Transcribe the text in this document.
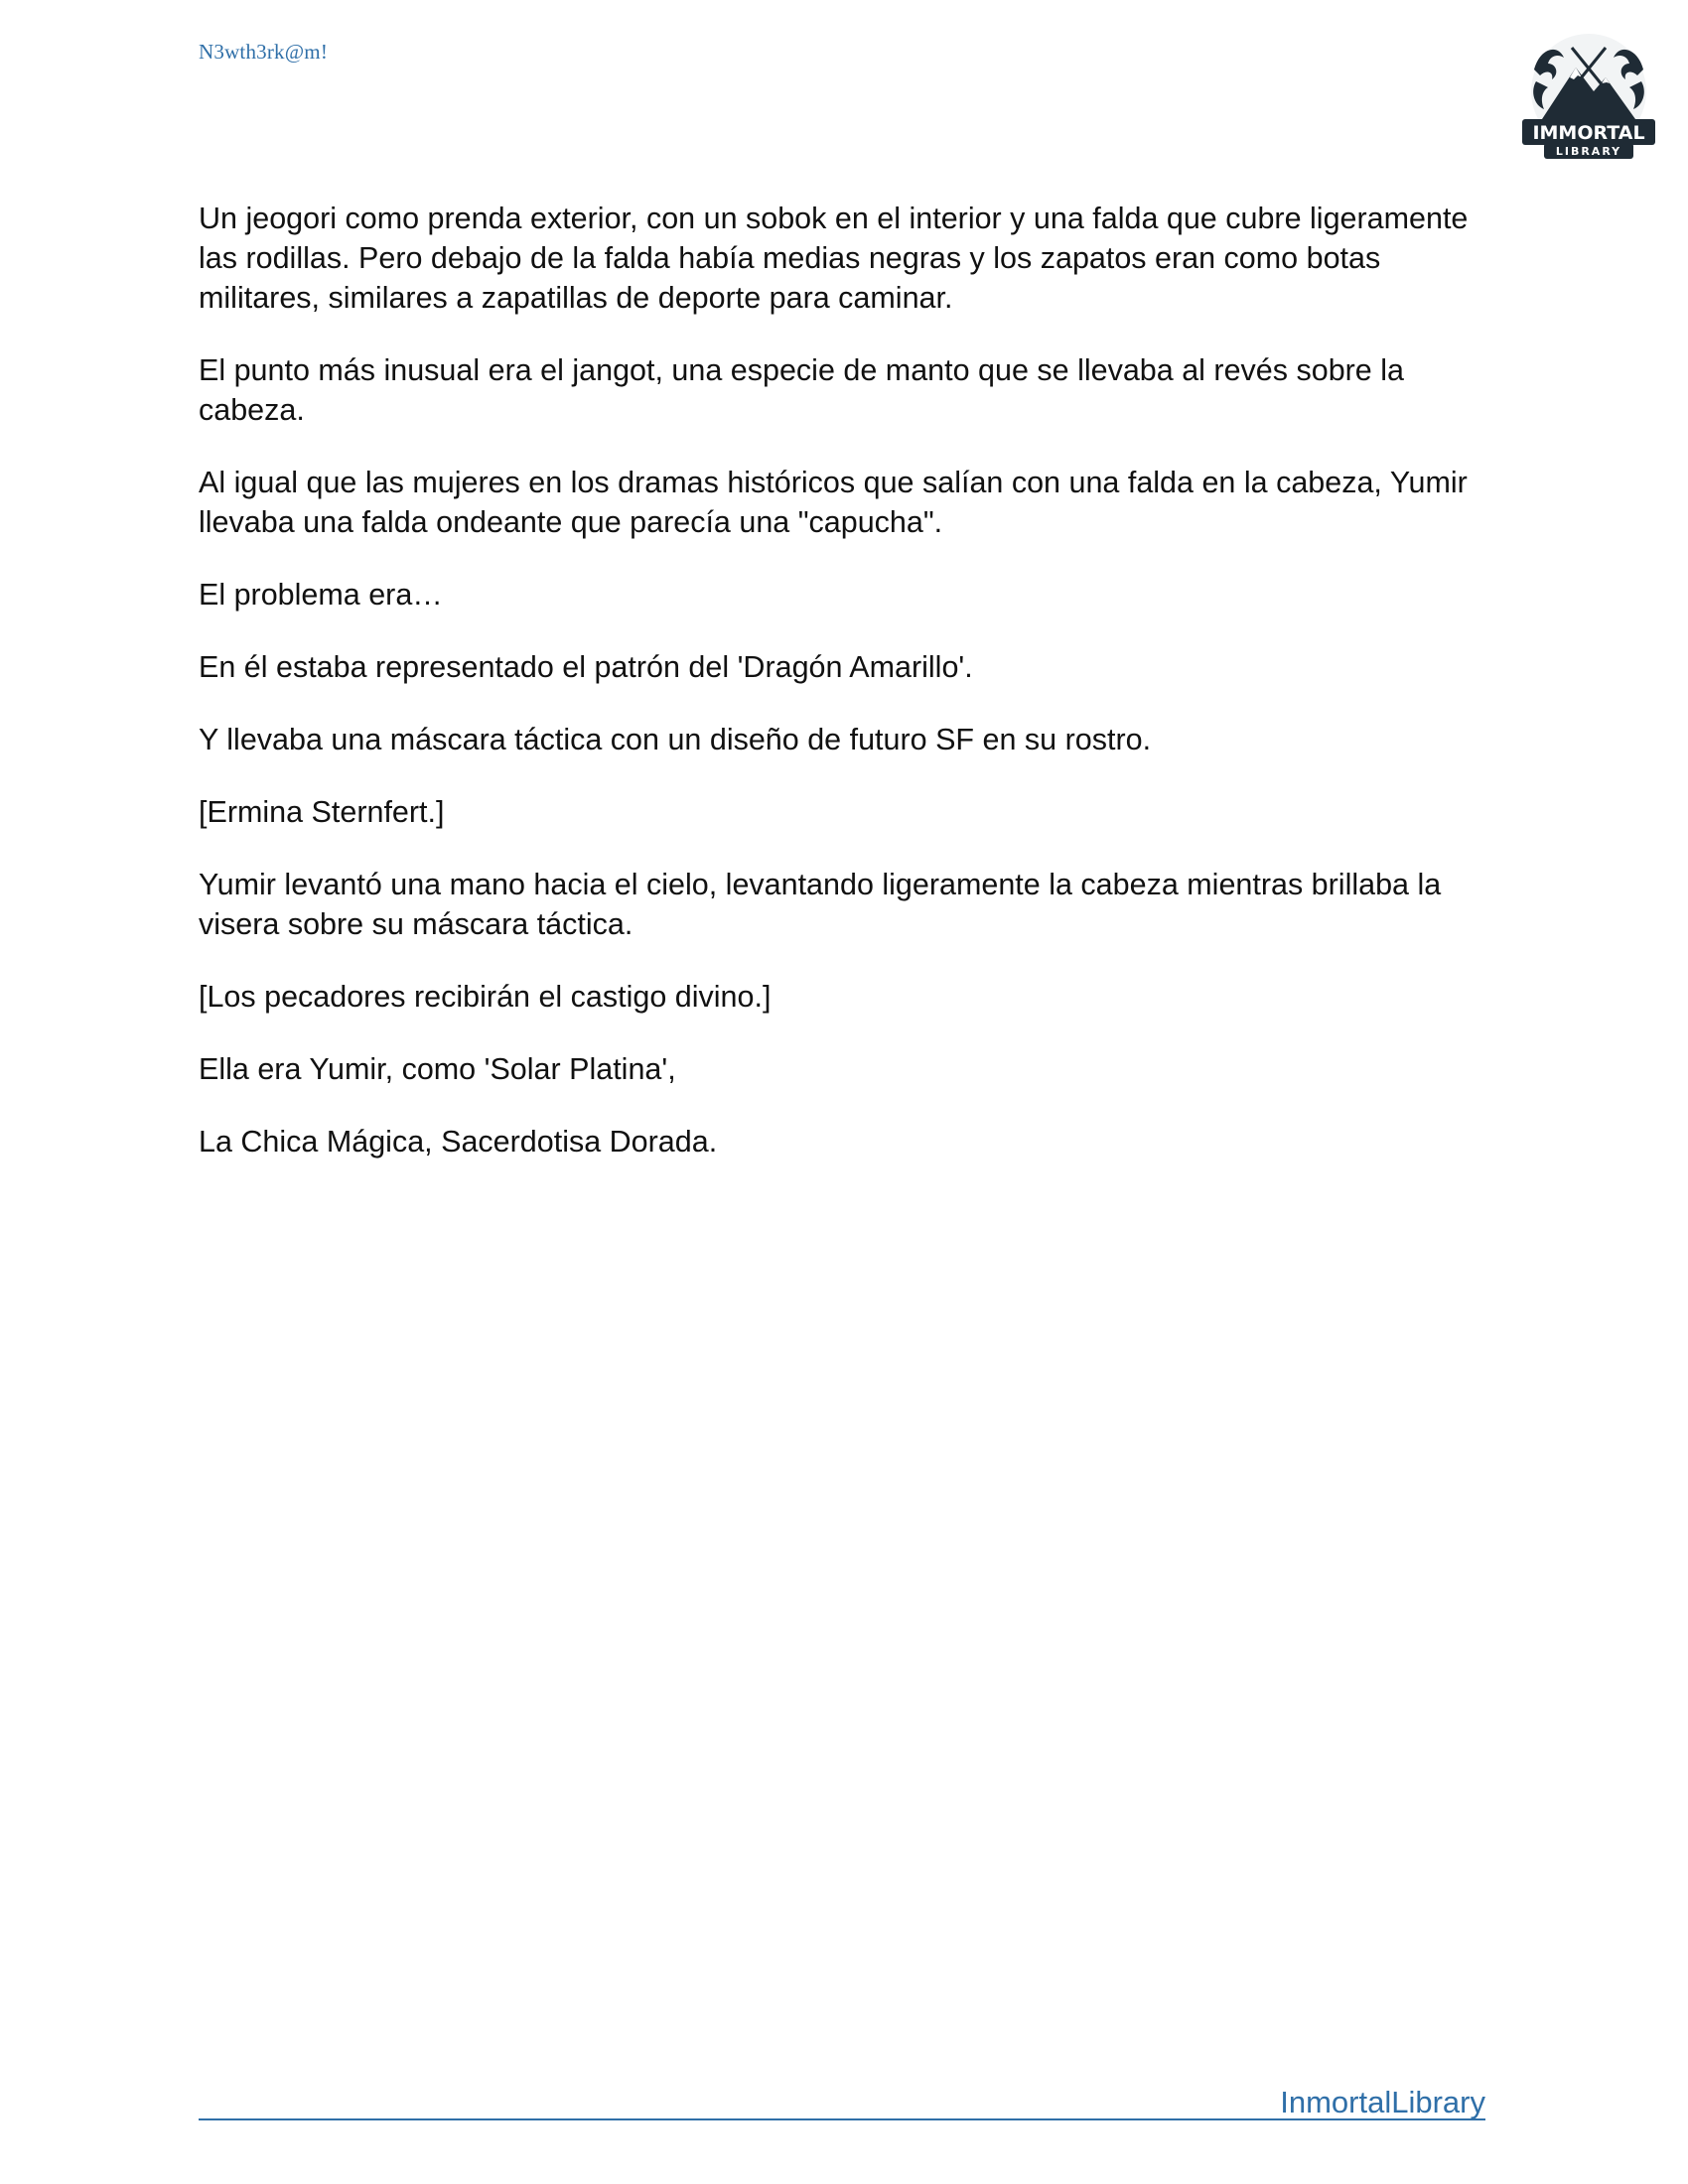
N3wth3rk@m!
IMMORTAL
LIBRARY

Un jeogori como prenda exterior, con un sobok en el interior y una falda que cubre ligeramente las rodillas. Pero debajo de la falda había medias negras y los zapatos eran como botas militares, similares a zapatillas de deporte para caminar.

El punto más inusual era el jangot, una especie de manto que se llevaba al revés sobre la cabeza.

Al igual que las mujeres en los dramas históricos que salían con una falda en la cabeza, Yumir llevaba una falda ondeante que parecía una "capucha".

El problema era…

En él estaba representado el patrón del 'Dragón Amarillo'.

Y llevaba una máscara táctica con un diseño de futuro SF en su rostro.

[Ermina Sternfert.]

Yumir levantó una mano hacia el cielo, levantando ligeramente la cabeza mientras brillaba la visera sobre su máscara táctica.

[Los pecadores recibirán el castigo divino.]

Ella era Yumir, como 'Solar Platina',

La Chica Mágica, Sacerdotisa Dorada.

InmortalLibrary
